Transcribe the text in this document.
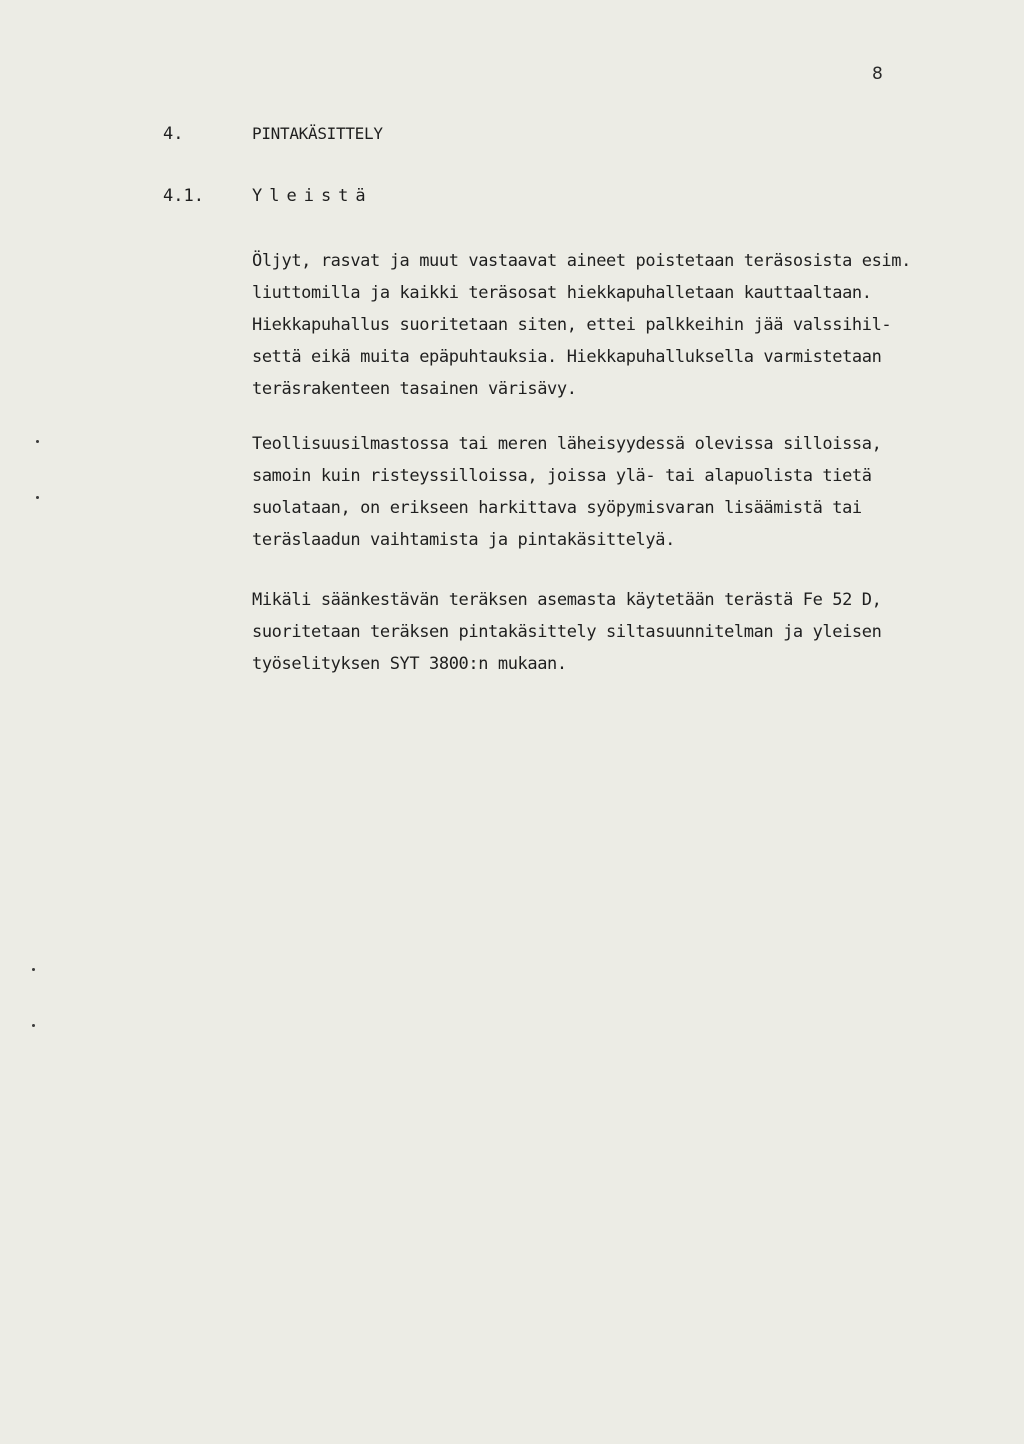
8
4.	PINTAKÄSITTELY
4.1.	Yleistä

Öljyt, rasvat ja muut vastaavat aineet poistetaan teräsosista esim.
liuttomilla ja kaikki teräsosat hiekkapuhalletaan kauttaaltaan.
Hiekkapuhallus suoritetaan siten, ettei palkkeihin jää valssihil-
settä eikä muita epäpuhtauksia. Hiekkapuhalluksella varmistetaan
teräsrakenteen tasainen värisävy.

Teollisuusilmastossa tai meren läheisyydessä olevissa silloissa,
samoin kuin risteyssilloissa, joissa ylä- tai alapuolista tietä
suolataan, on erikseen harkittava syöpymisvaran lisäämistä tai
teräslaadun vaihtamista ja pintakäsittelyä.

Mikäli säänkestävän teräksen asemasta käytetään terästä Fe 52 D,
suoritetaan teräksen pintakäsittely siltasuunnitelman ja yleisen
työselityksen SYT 3800:n mukaan.
